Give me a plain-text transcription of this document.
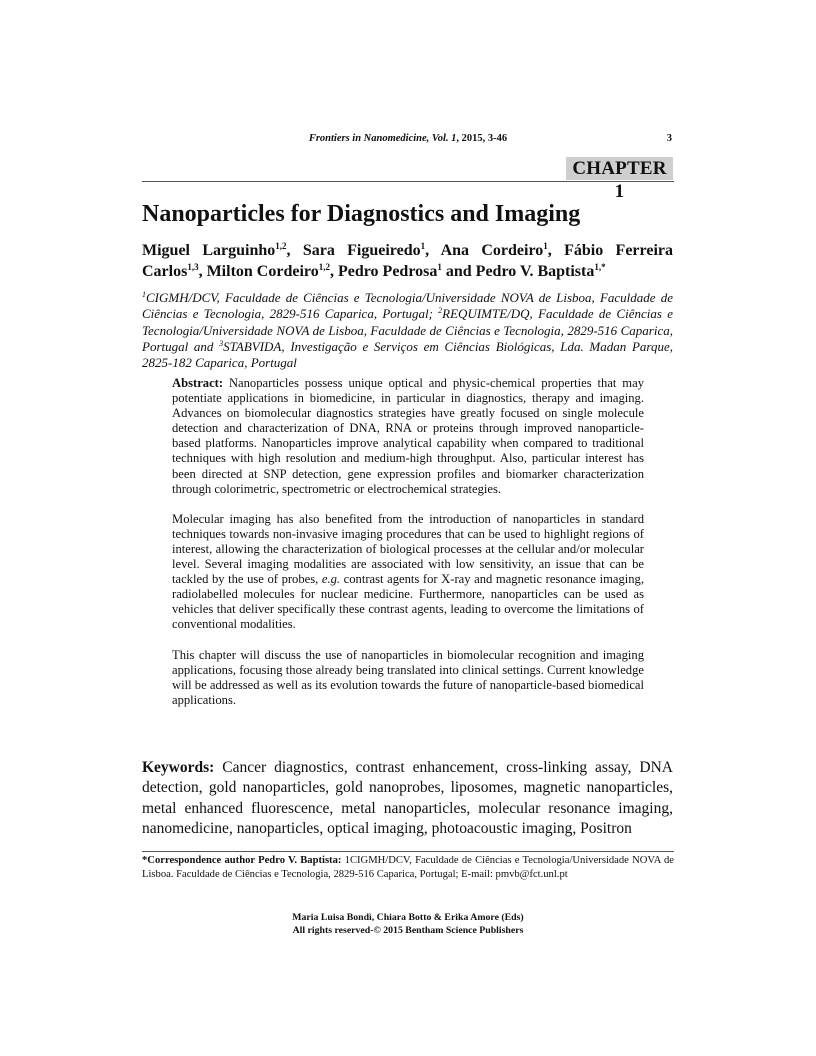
Frontiers in Nanomedicine, Vol. 1, 2015, 3-46	3
CHAPTER 1
Nanoparticles for Diagnostics and Imaging

Miguel Larguinho$^{1,2}$, Sara Figueiredo$^1$, Ana Cordeiro$^1$, Fábio Ferreira Carlos$^{1,3}$, Milton Cordeiro$^{1,2}$, Pedro Pedrosa$^1$ and Pedro V. Baptista$^{1,*}$

$^1$CIGMH/DCV, Faculdade de Ciências e Tecnologia/Universidade NOVA de Lisboa, Faculdade de Ciências e Tecnologia, 2829-516 Caparica, Portugal; $^2$REQUIMTE/DQ, Faculdade de Ciências e Tecnologia/Universidade NOVA de Lisboa, Faculdade de Ciências e Tecnologia, 2829-516 Caparica, Portugal and $^3$STABVIDA, Investigação e Serviços em Ciências Biológicas, Lda. Madan Parque, 2825-182 Caparica, Portugal

Abstract: Nanoparticles possess unique optical and physic-chemical properties that may potentiate applications in biomedicine, in particular in diagnostics, therapy and imaging. Advances on biomolecular diagnostics strategies have greatly focused on single molecule detection and characterization of DNA, RNA or proteins through improved nanoparticle-based platforms. Nanoparticles improve analytical capability when compared to traditional techniques with high resolution and medium-high throughput. Also, particular interest has been directed at SNP detection, gene expression profiles and biomarker characterization through colorimetric, spectrometric or electrochemical strategies.

Molecular imaging has also benefited from the introduction of nanoparticles in standard techniques towards non-invasive imaging procedures that can be used to highlight regions of interest, allowing the characterization of biological processes at the cellular and/or molecular level. Several imaging modalities are associated with low sensitivity, an issue that can be tackled by the use of probes, e.g. contrast agents for X-ray and magnetic resonance imaging, radiolabelled molecules for nuclear medicine. Furthermore, nanoparticles can be used as vehicles that deliver specifically these contrast agents, leading to overcome the limitations of conventional modalities.

This chapter will discuss the use of nanoparticles in biomolecular recognition and imaging applications, focusing those already being translated into clinical settings. Current knowledge will be addressed as well as its evolution towards the future of nanoparticle-based biomedical applications.

Keywords: Cancer diagnostics, contrast enhancement, cross-linking assay, DNA detection, gold nanoparticles, gold nanoprobes, liposomes, magnetic nanoparticles, metal enhanced fluorescence, metal nanoparticles, molecular resonance imaging, nanomedicine, nanoparticles, optical imaging, photoacoustic imaging, Positron

*Correspondence author Pedro V. Baptista: 1CIGMH/DCV, Faculdade de Ciências e Tecnologia/Universidade NOVA de Lisboa. Faculdade de Ciências e Tecnologia, 2829-516 Caparica, Portugal; E-mail: pmvb@fct.unl.pt

Maria Luisa Bondì, Chiara Botto & Erika Amore (Eds)
All rights reserved-© 2015 Bentham Science Publishers
